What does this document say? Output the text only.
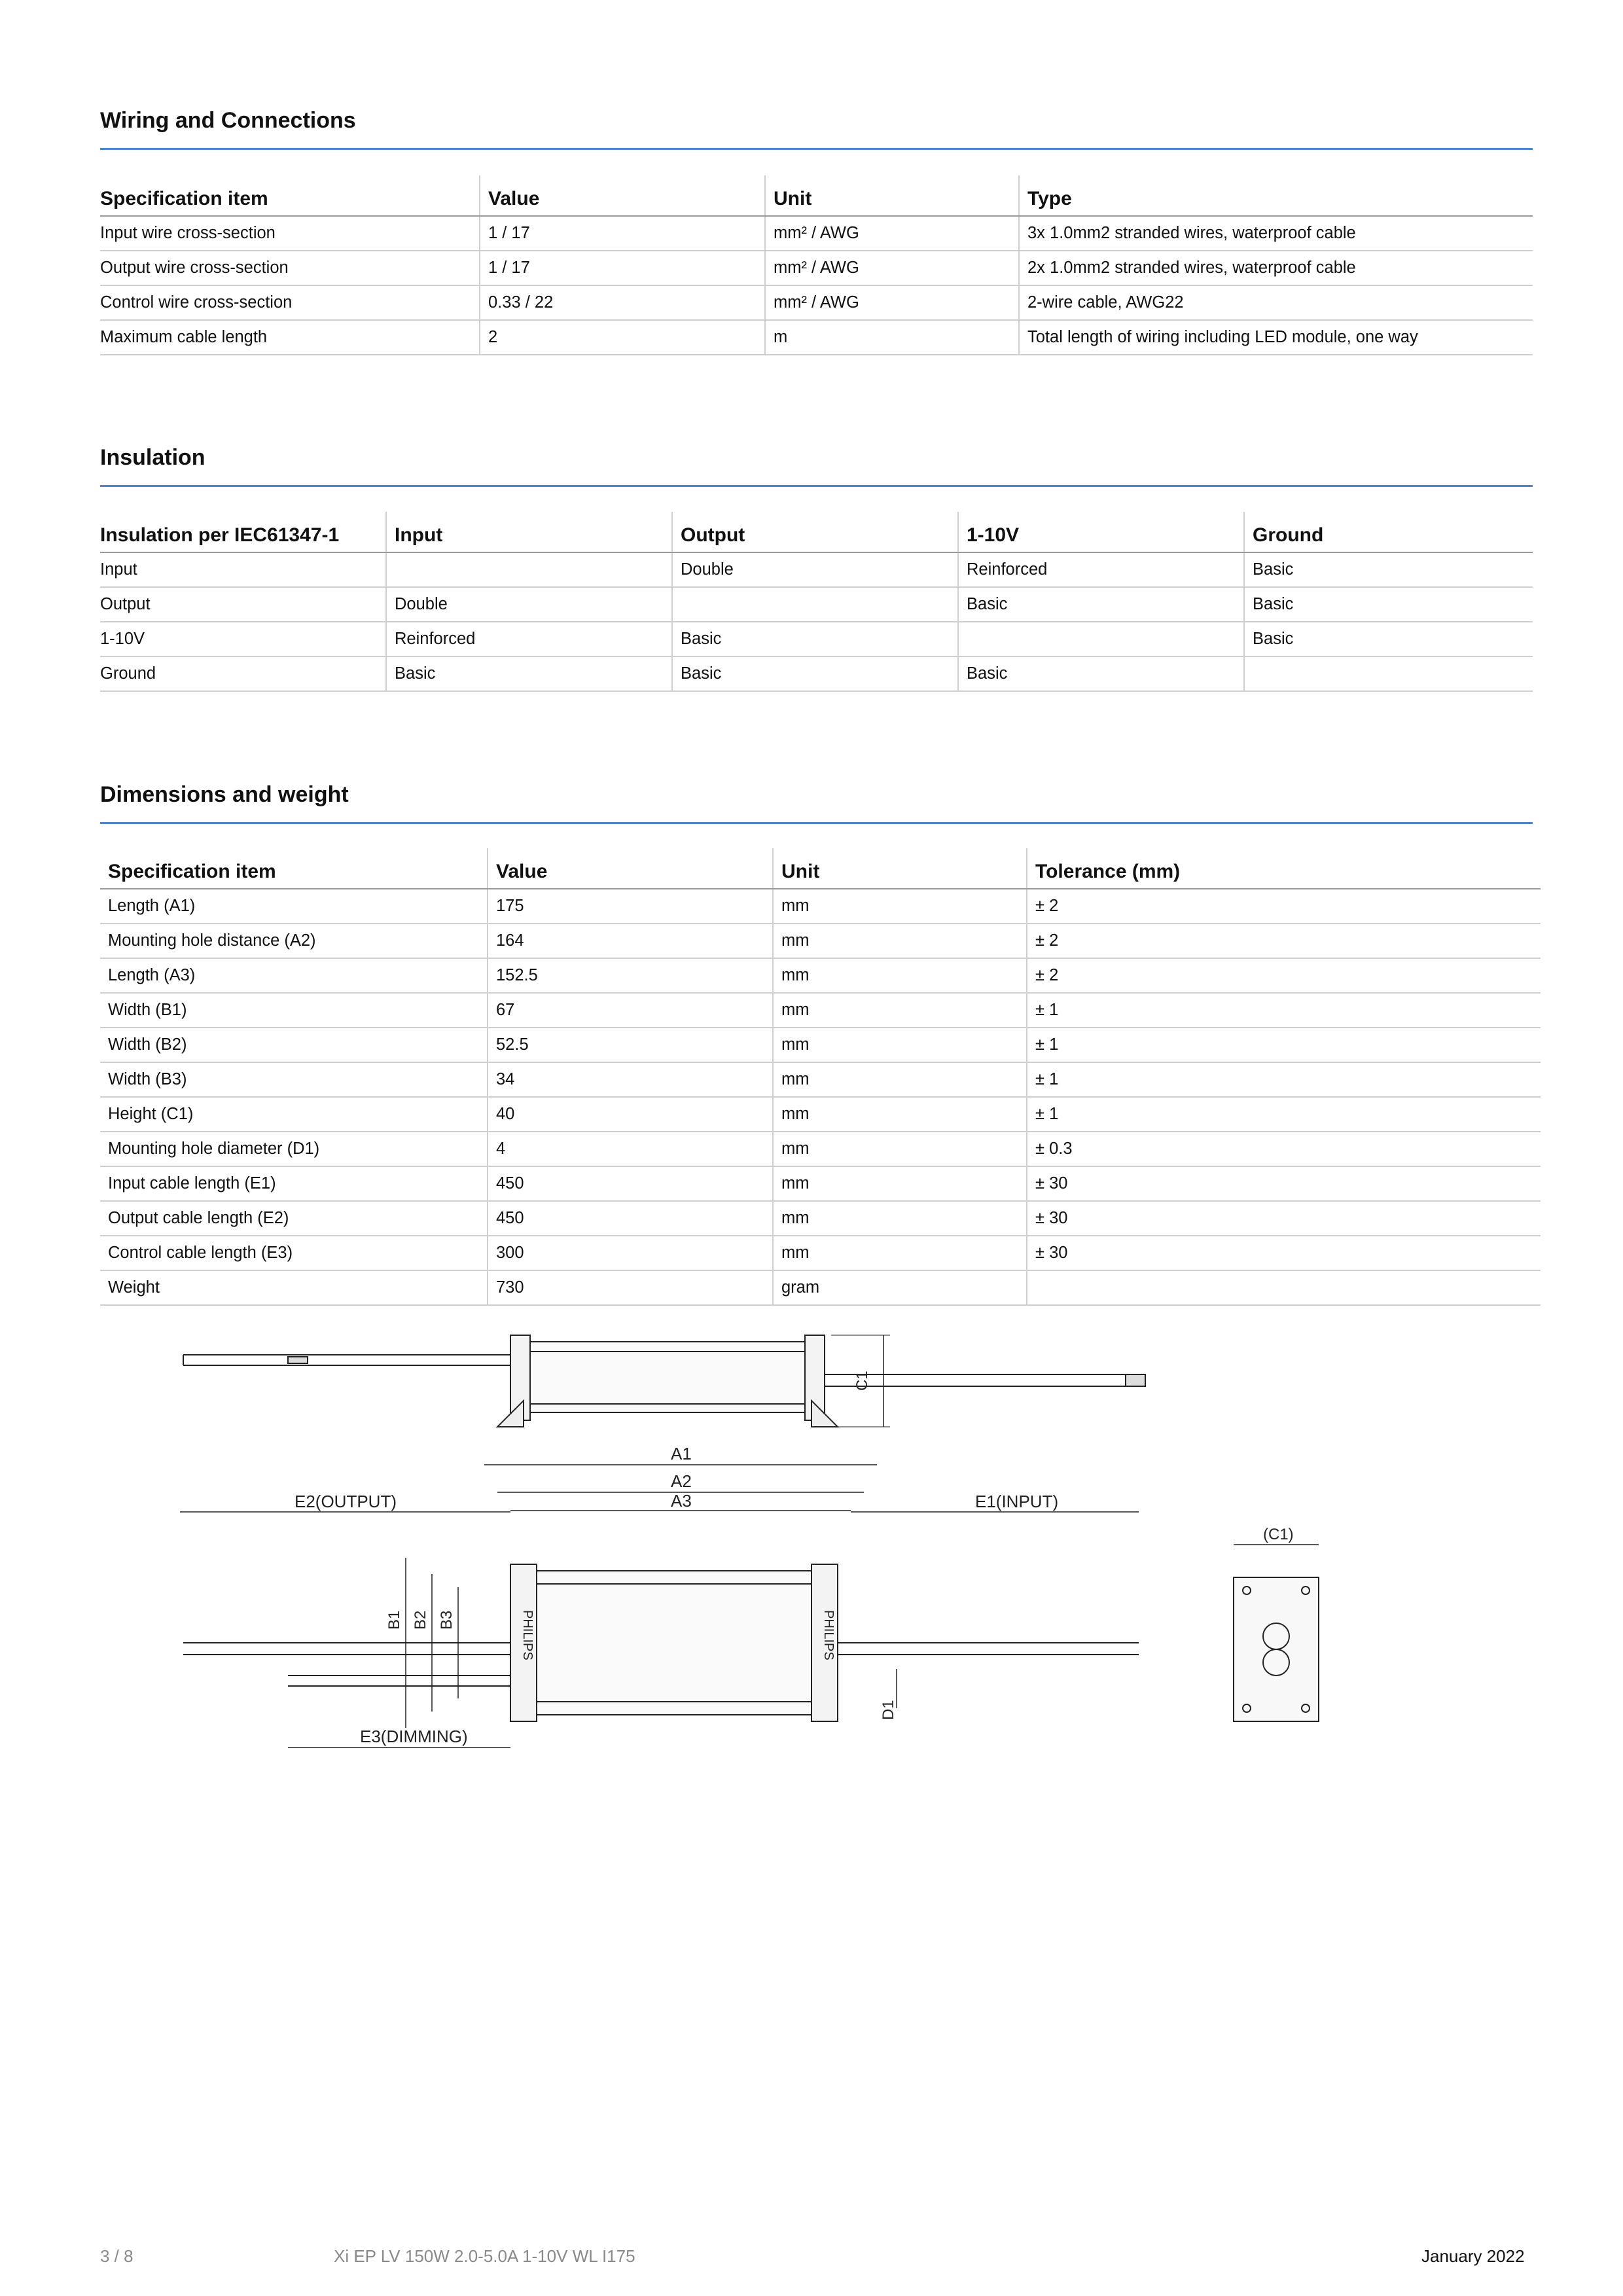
Wiring and Connections
Specification item	Value	Unit	Type
Input wire cross-section	1 / 17	mm² / AWG	3x 1.0mm2 stranded wires, waterproof cable
Output wire cross-section	1 / 17	mm² / AWG	2x 1.0mm2 stranded wires, waterproof cable
Control wire cross-section	0.33 / 22	mm² / AWG	2-wire cable, AWG22
Maximum cable length	2	m	Total length of wiring including LED module, one way
Insulation
Insulation per IEC61347-1	Input	Output	1-10V	Ground
Input		Double	Reinforced	Basic
Output	Double		Basic	Basic
1-10V	Reinforced	Basic		Basic
Ground	Basic	Basic	Basic	
Dimensions and weight
Specification item	Value	Unit	Tolerance (mm)
Length (A1)	175	mm	± 2
Mounting hole distance (A2)	164	mm	± 2
Length (A3)	152.5	mm	± 2
Width (B1)	67	mm	± 1
Width (B2)	52.5	mm	± 1
Width (B3)	34	mm	± 1
Height (C1)	40	mm	± 1
Mounting hole diameter (D1)	4	mm	± 0.3
Input cable length (E1)	450	mm	± 30
Output cable length (E2)	450	mm	± 30
Control cable length (E3)	300	mm	± 30
Weight	730	gram	
C1
A1
A2
A3
E2(OUTPUT)	E1(INPUT)
B1 B2 B3	PHILIPS	PHILIPS
D1
E3(DIMMING)
(C1)
3 / 8	Xi EP LV 150W 2.0-5.0A 1-10V WL I175	January 2022
